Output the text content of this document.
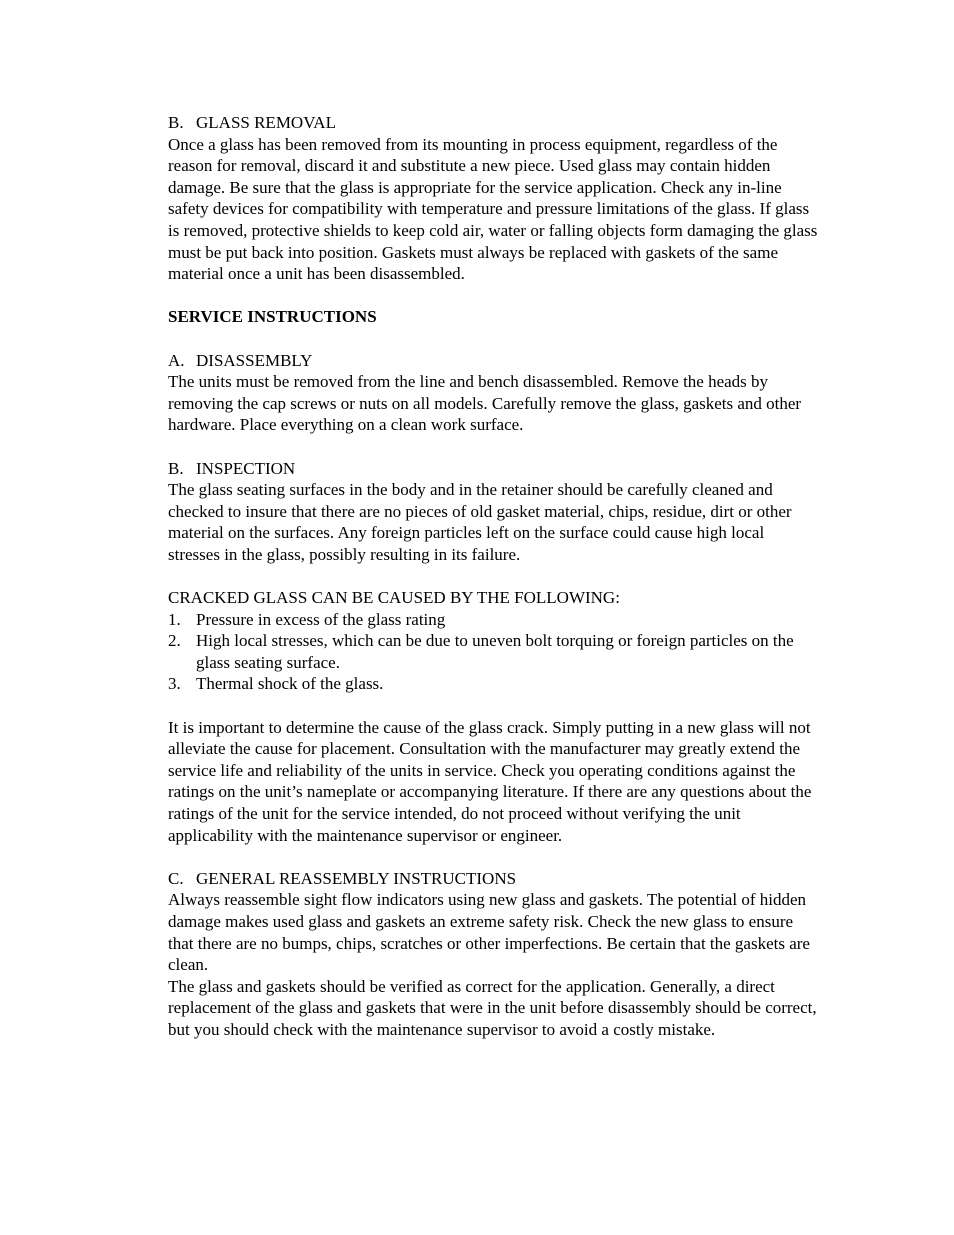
B. GLASS REMOVAL

Once a glass has been removed from its mounting in process equipment, regardless of the reason for removal, discard it and substitute a new piece. Used glass may contain hidden damage. Be sure that the glass is appropriate for the service application. Check any in-line safety devices for compatibility with temperature and pressure limitations of the glass. If glass is removed, protective shields to keep cold air, water or falling objects form damaging the glass must be put back into position. Gaskets must always be replaced with gaskets of the same material once a unit has been disassembled.

SERVICE INSTRUCTIONS

A. DISASSEMBLY

The units must be removed from the line and bench disassembled. Remove the heads by removing the cap screws or nuts on all models. Carefully remove the glass, gaskets and other hardware. Place everything on a clean work surface.

B. INSPECTION

The glass seating surfaces in the body and in the retainer should be carefully cleaned and checked to insure that there are no pieces of old gasket material, chips, residue, dirt or other material on the surfaces. Any foreign particles left on the surface could cause high local stresses in the glass, possibly resulting in its failure.

CRACKED GLASS CAN BE CAUSED BY THE FOLLOWING:

1. Pressure in excess of the glass rating
2. High local stresses, which can be due to uneven bolt torquing or foreign particles on the glass seating surface.
3. Thermal shock of the glass.

It is important to determine the cause of the glass crack. Simply putting in a new glass will not alleviate the cause for placement. Consultation with the manufacturer may greatly extend the service life and reliability of the units in service. Check you operating conditions against the ratings on the unit’s nameplate or accompanying literature. If there are any questions about the ratings of the unit for the service intended, do not proceed without verifying the unit applicability with the maintenance supervisor or engineer.

C. GENERAL REASSEMBLY INSTRUCTIONS

Always reassemble sight flow indicators using new glass and gaskets. The potential of hidden damage makes used glass and gaskets an extreme safety risk. Check the new glass to ensure that there are no bumps, chips, scratches or other imperfections. Be certain that the gaskets are clean.

The glass and gaskets should be verified as correct for the application. Generally, a direct replacement of the glass and gaskets that were in the unit before disassembly should be correct, but you should check with the maintenance supervisor to avoid a costly mistake.
